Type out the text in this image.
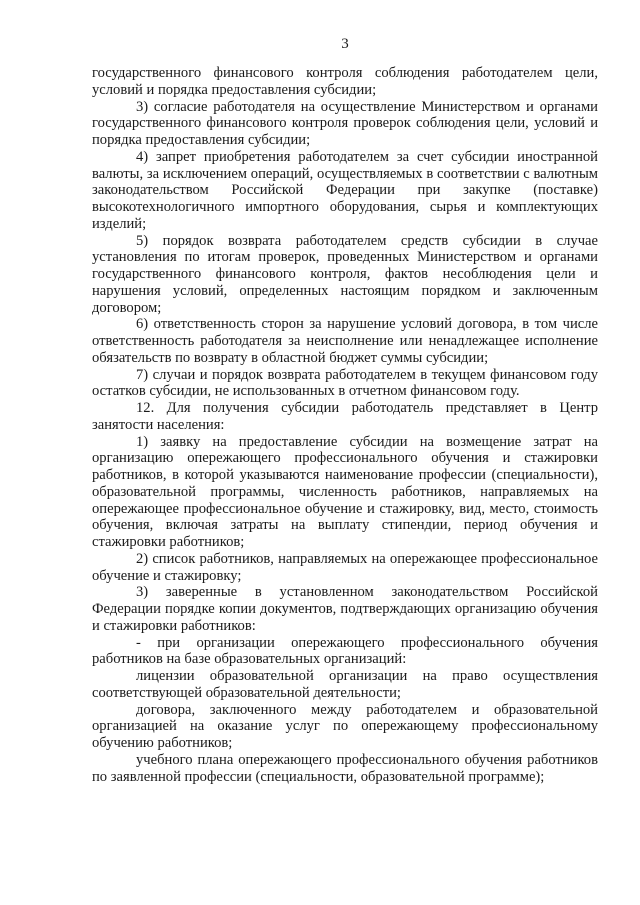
3

государственного финансового контроля соблюдения работодателем цели, условий и порядка предоставления субсидии;

3) согласие работодателя на осуществление Министерством и органами государственного финансового контроля проверок соблюдения цели, условий и порядка предоставления субсидии;

4) запрет приобретения работодателем за счет субсидии иностранной валюты, за исключением операций, осуществляемых в соответствии с валютным законодательством Российской Федерации при закупке (поставке) высокотехнологичного импортного оборудования, сырья и комплектующих изделий;

5) порядок возврата работодателем средств субсидии в случае установления по итогам проверок, проведенных Министерством и органами государственного финансового контроля, фактов несоблюдения цели и нарушения условий, определенных настоящим порядком и заключенным договором;

6) ответственность сторон за нарушение условий договора, в том числе ответственность работодателя за неисполнение или ненадлежащее исполнение обязательств по возврату в областной бюджет суммы субсидии;

7) случаи и порядок возврата работодателем в текущем финансовом году остатков субсидии, не использованных в отчетном финансовом году.

12. Для получения субсидии работодатель представляет в Центр занятости населения:

1) заявку на предоставление субсидии на возмещение затрат на организацию опережающего профессионального обучения и стажировки работников, в которой указываются наименование профессии (специальности), образовательной программы, численность работников, направляемых на опережающее профессиональное обучение и стажировку, вид, место, стоимость обучения, включая затраты на выплату стипендии, период обучения и стажировки работников;

2) список работников, направляемых на опережающее профессиональное обучение и стажировку;

3) заверенные в установленном законодательством Российской Федерации порядке копии документов, подтверждающих организацию обучения и стажировки работников:

- при организации опережающего профессионального обучения работников на базе образовательных организаций:

лицензии образовательной организации на право осуществления соответствующей образовательной деятельности;

договора, заключенного между работодателем и образовательной организацией на оказание услуг по опережающему профессиональному обучению работников;

учебного плана опережающего профессионального обучения работников по заявленной профессии (специальности, образовательной программе);
